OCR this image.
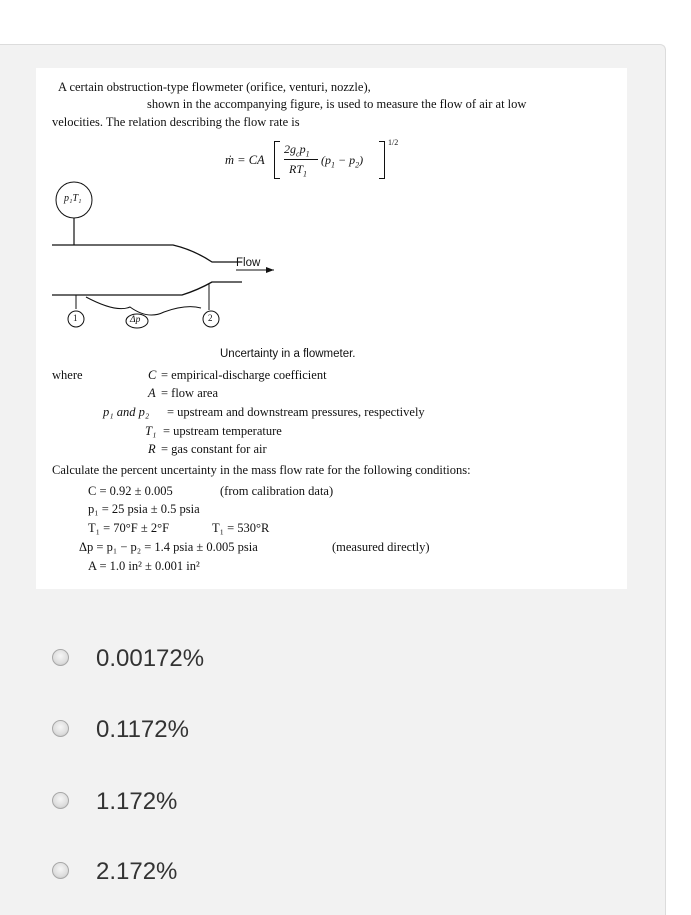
A certain obstruction-type flowmeter (orifice, venturi, nozzle),
shown in the accompanying figure, is used to measure the flow of air at low
velocities. The relation describing the flow rate is
ṁ = CA
$2g_cp_1$
$RT_1$
$(p_1 - p_2)$
1/2
p₁T₁
1	Δp	2
Flow
Uncertainty in a flowmeter.
where	C = empirical-discharge coefficient
A = flow area
p₁ and p₂ = upstream and downstream pressures, respectively
T₁ = upstream temperature
R = gas constant for air
Calculate the percent uncertainty in the mass flow rate for the following conditions:
C = 0.92 ± 0.005	(from calibration data)
p₁ = 25 psia ± 0.5 psia
T₁ = 70°F ± 2°F	T₁ = 530°R
Δp = p₁ − p₂ = 1.4 psia ± 0.005 psia	(measured directly)
A = 1.0 in² ± 0.001 in²
0.00172%
0.1172%
1.172%
2.172%
